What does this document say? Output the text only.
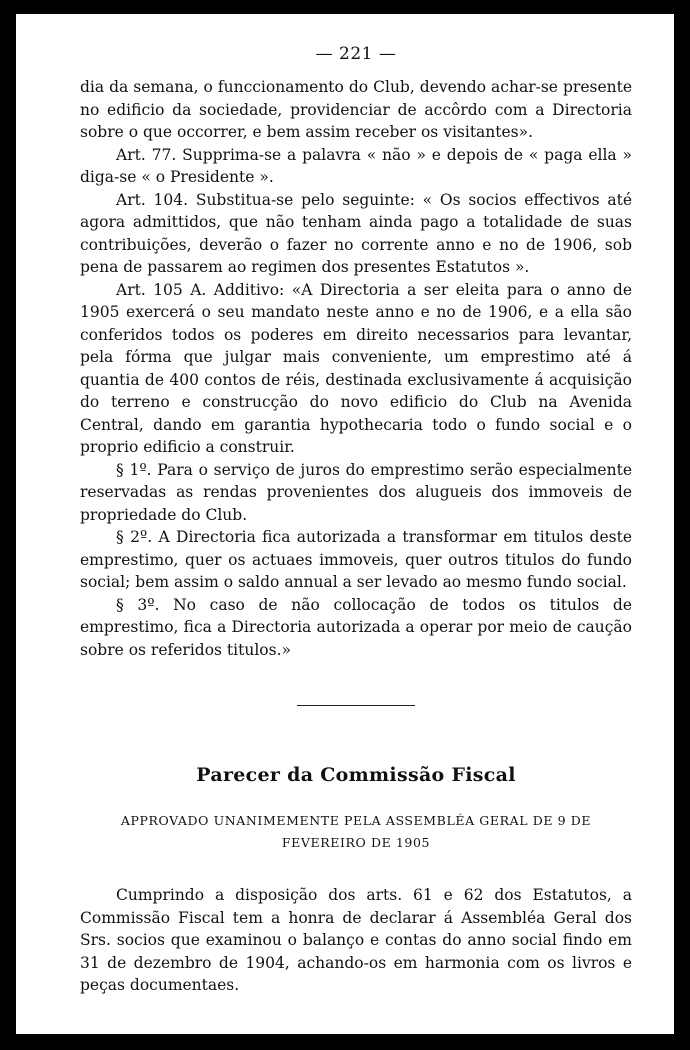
— 221 —

dia da semana, o funccionamento do Club, devendo achar-se presente no edificio da sociedade, providenciar de accôrdo com a Directoria sobre o que occorrer, e bem assim receber os visitantes».

Art. 77. Supprima-se a palavra « não » e depois de « paga ella » diga-se « o Presidente ».

Art. 104. Substitua-se pelo seguinte: « Os socios effectivos até agora admittidos, que não tenham ainda pago a totalidade de suas contribuições, deverão o fazer no corrente anno e no de 1906, sob pena de passarem ao regimen dos presentes Estatutos ».

Art. 105 A. Additivo: «A Directoria a ser eleita para o anno de 1905 exercerá o seu mandato neste anno e no de 1906, e a ella são conferidos todos os poderes em direito necessarios para levantar, pela fórma que julgar mais conveniente, um emprestimo até á quantia de 400 contos de réis, destinada exclusivamente á acquisição do terreno e construcção do novo edificio do Club na Avenida Central, dando em garantia hypothecaria todo o fundo social e o proprio edificio a construir.

§ 1º. Para o serviço de juros do emprestimo serão especialmente reservadas as rendas provenientes dos alugueis dos immoveis de propriedade do Club.

§ 2º. A Directoria fica autorizada a transformar em titulos deste emprestimo, quer os actuaes immoveis, quer outros titulos do fundo social; bem assim o saldo annual a ser levado ao mesmo fundo social.

§ 3º. No caso de não collocação de todos os titulos de emprestimo, fica a Directoria autorizada a operar por meio de caução sobre os referidos titulos.»

Parecer da Commissão Fiscal
APPROVADO UNANIMEMENTE PELA ASSEMBLÉA GERAL DE 9 DE FEVEREIRO DE 1905

Cumprindo a disposição dos arts. 61 e 62 dos Estatutos, a Commissão Fiscal tem a honra de declarar á Assembléa Geral dos Srs. socios que examinou o balanço e contas do anno social findo em 31 de dezembro de 1904, achando-os em harmonia com os livros e peças documentaes.
